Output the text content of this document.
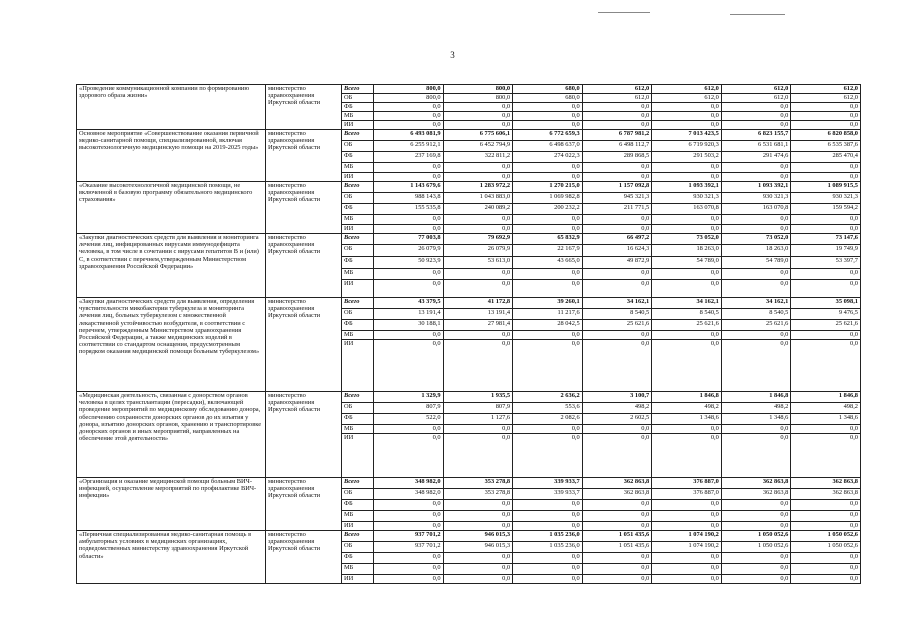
3
«Проведение коммуникационной компании по формированию здорового образа жизни»	министерство здравоохранения Иркутской области	Всего	800,0	800,0	680,0	612,0	612,0	612,0	612,0
		ОБ	800,0	800,0	680,0	612,0	612,0	612,0	612,0
		ФБ	0,0	0,0	0,0	0,0	0,0	0,0	0,0
		МБ	0,0	0,0	0,0	0,0	0,0	0,0	0,0
		ИИ	0,0	0,0	0,0	0,0	0,0	0,0	0,0
Основное мероприятие «Совершенствование оказания первичной медико-санитарной помощи, специализированной, включая высокотехнологичную медицинскую помощи на 2019-2025 годы»	министерство здравоохранения Иркутской области	Всего	6 493 081,9	6 775 606,1	6 772 659,3	6 787 981,2	7 013 423,5	6 823 155,7	6 820 858,0
		ОБ	6 255 912,1	6 452 794,9	6 498 637,0	6 498 112,7	6 719 920,3	6 531 681,1	6 535 387,6
		ФБ	237 169,8	322 811,2	274 022,3	289 868,5	291 503,2	291 474,6	285 470,4
		МБ	0,0	0,0	0,0	0,0	0,0	0,0	0,0
		ИИ	0,0	0,0	0,0	0,0	0,0	0,0	0,0
«Оказание высокотехнологичной медицинской помощи, не включенной в базовую программу обязательного медицинского страхования»	министерство здравоохранения Иркутской области	Всего	1 143 679,6	1 283 972,2	1 270 215,0	1 157 092,8	1 093 392,1	1 093 392,1	1 089 915,5
		ОБ	988 143,8	1 043 883,0	1 069 982,8	945 321,3	930 321,3	930 321,3	930 321,3
		ФБ	155 535,8	240 089,2	200 232,2	211 771,5	163 070,8	163 070,8	159 594,2
		МБ	0,0	0,0	0,0	0,0	0,0	0,0	0,0
		ИИ	0,0	0,0	0,0	0,0	0,0	0,0	0,0
«Закупки диагностических средств для выявления и мониторинга лечения лиц, инфицированных вирусами иммунодефицита человека, в том числе в сочетании с вирусами гепатитов В и (или) С, в соответствии с перечнем,утвержденным Министерством здравоохранения Российской Федерации»	министерство здравоохранения Иркутской области	Всего	77 003,8	79 692,9	65 832,9	66 497,2	73 052,0	73 052,0	73 147,6
		ОБ	26 079,9	26 079,9	22 167,9	16 624,3	18 263,0	18 263,0	19 749,9
		ФБ	50 923,9	53 613,0	43 665,0	49 872,9	54 789,0	54 789,0	53 397,7
		МБ	0,0	0,0	0,0	0,0	0,0	0,0	0,0
		ИИ	0,0	0,0	0,0	0,0	0,0	0,0	0,0
«Закупки диагностических средств для выявления, определения чувствительности микобактерии туберкулеза и мониторинга лечения лиц, больных туберкулезом с множественной лекарственной устойчивостью возбудителя, в соответствии с перечнем, утвержденным Министерством здравоохранения Российской Федерации, а также медицинских изделий в соответствии со стандартом оснащения, предусмотренным порядком оказания медицинской помощи больным туберкулезом»	министерство здравоохранения Иркутской области	Всего	43 379,5	41 172,8	39 260,1	34 162,1	34 162,1	34 162,1	35 098,1
		ОБ	13 191,4	13 191,4	11 217,6	8 540,5	8 540,5	8 540,5	9 476,5
		ФБ	30 188,1	27 981,4	28 042,5	25 621,6	25 621,6	25 621,6	25 621,6
		МБ	0,0	0,0	0,0	0,0	0,0	0,0	0,0
		ИИ	0,0	0,0	0,0	0,0	0,0	0,0	0,0
«Медицинская деятельность, связанная с донорством органов человека в целях трансплантации (пересадки), включающей проведение мероприятий по медицинскому обследованию донора, обеспечению сохранности донорских органов до их изъятия у донора, изъятию донорских органов, хранению и транспортировке донорских органов и иных мероприятий, направленных на обеспечение этой деятельности»	министерство здравоохранения Иркутской области	Всего	1 329,9	1 935,5	2 636,2	3 100,7	1 846,8	1 846,8	1 846,8
		ОБ	807,9	807,9	553,6	498,2	498,2	498,2	498,2
		ФБ	522,0	1 127,6	2 082,6	2 602,5	1 348,6	1 348,6	1 348,6
		МБ	0,0	0,0	0,0	0,0	0,0	0,0	0,0
		ИИ	0,0	0,0	0,0	0,0	0,0	0,0	0,0
«Организация и оказание медицинской помощи больным ВИЧ-инфекцией, осуществление мероприятий по профилактике ВИЧ-инфекции»	министерство здравоохранения Иркутской области	Всего	348 982,0	353 278,8	339 933,7	362 863,8	376 887,0	362 863,8	362 863,8
		ОБ	348 982,0	353 278,8	339 933,7	362 863,8	376 887,0	362 863,8	362 863,8
		ФБ	0,0	0,0	0,0	0,0	0,0	0,0	0,0
		МБ	0,0	0,0	0,0	0,0	0,0	0,0	0,0
		ИИ	0,0	0,0	0,0	0,0	0,0	0,0	0,0
«Первичная специализированная медико-санитарная помощь в амбулаторных условиях в медицинских организациях, подведомственных министерству здравоохранения Иркутской области»	министерство здравоохранения Иркутской области	Всего	937 701,2	946 015,3	1 035 236,0	1 051 435,6	1 074 190,2	1 050 052,6	1 050 052,6
		ОБ	937 701,2	946 015,3	1 035 236,0	1 051 435,6	1 074 190,2	1 050 052,6	1 050 052,6
		ФБ	0,0	0,0	0,0	0,0	0,0	0,0	0,0
		МБ	0,0	0,0	0,0	0,0	0,0	0,0	0,0
		ИИ	0,0	0,0	0,0	0,0	0,0	0,0	0,0
